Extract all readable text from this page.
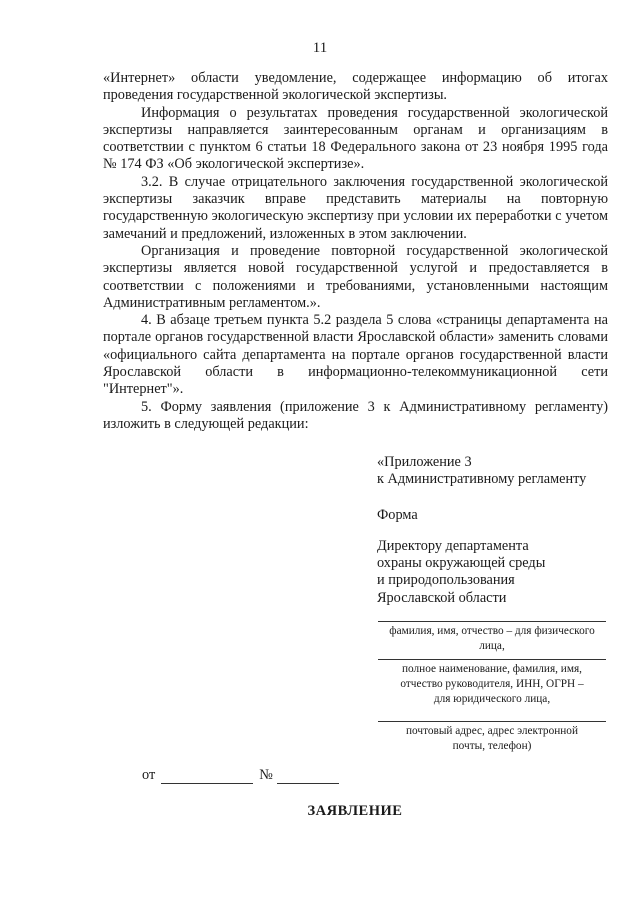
11

«Интернет» области уведомление, содержащее информацию об итогах проведения государственной экологической экспертизы.

Информация о результатах проведения государственной экологической экспертизы направляется заинтересованным органам и организациям в соответствии с пунктом 6 статьи 18 Федерального закона от 23 ноября 1995 года № 174 ФЗ «Об экологической экспертизе».

3.2. В случае отрицательного заключения государственной экологической экспертизы заказчик вправе представить материалы на повторную государственную экологическую экспертизу при условии их переработки с учетом замечаний и предложений, изложенных в этом заключении.

Организация и проведение повторной государственной экологической экспертизы является новой государственной услугой и предоставляется в соответствии с положениями и требованиями, установленными настоящим Административным регламентом.».

4. В абзаце третьем пункта 5.2 раздела 5 слова «страницы департамента на портале органов государственной власти Ярославской области» заменить словами «официального сайта департамента на портале органов государственной власти Ярославской области в информационно-телекоммуникационной сети "Интернет"».

5. Форму заявления (приложение 3 к Административному регламенту) изложить в следующей редакции:

«Приложение 3
к Административному регламенту
Форма
Директору департамента
охраны окружающей среды
и природопользования
Ярославской области
фамилия, имя, отчество – для физического
лица,
полное наименование, фамилия, имя,
отчество руководителя, ИНН, ОГРН –
для юридического лица,
почтовый адрес, адрес электронной
почты, телефон)
от	№
ЗАЯВЛЕНИЕ
